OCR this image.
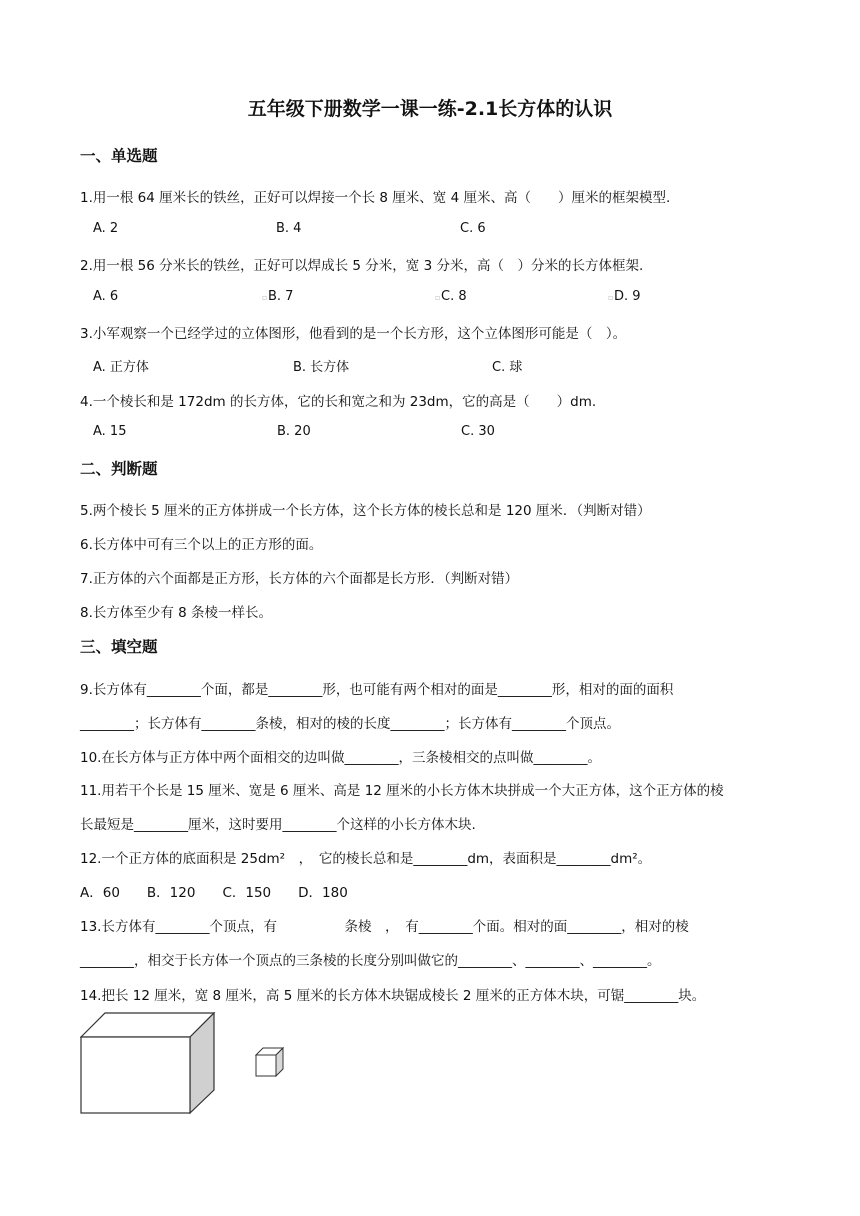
五年级下册数学一课一练-2.1长方体的认识
一、单选题
1.用一根 64 厘米长的铁丝，正好可以焊接一个长 8 厘米、宽 4 厘米、高（　　）厘米的框架模型.
A. 2	B. 4	C. 6
2.用一根 56 分米长的铁丝，正好可以焊成长 5 分米，宽 3 分米，高（　）分米的长方体框架.
A. 6	▫ B. 7	▫ C. 8	▫ D. 9
3.小军观察一个已经学过的立体图形，他看到的是一个长方形，这个立体图形可能是（　）。
A. 正方体	B. 长方体	C. 球
4.一个棱长和是 172dm 的长方体，它的长和宽之和为 23dm，它的高是（　　）dm.
A. 15	B. 20	C. 30
二、判断题
5.两个棱长 5 厘米的正方体拼成一个长方体，这个长方体的棱长总和是 120 厘米．（判断对错）
6.长方体中可有三个以上的正方形的面。
7.正方体的六个面都是正方形，长方体的六个面都是长方形．（判断对错）
8.长方体至少有 8 条棱一样长。
三、填空题
9.长方体有________个面，都是________形，也可能有两个相对的面是________形，相对的面的面积
________；长方体有________条棱，相对的棱的长度________；长方体有________个顶点。
10.在长方体与正方体中两个面相交的边叫做________，三条棱相交的点叫做________。
11.用若干个长是 15 厘米、宽是 6 厘米、高是 12 厘米的小长方体木块拼成一个大正方体，这个正方体的棱
长最短是________厘米，这时要用________个这样的小长方体木块.
12.一个正方体的底面积是 25dm²　，　它的棱长总和是________dm，表面积是________dm²。
A．60　　B．120　　C．150　　D．180
13.长方体有________个顶点，有　　　　　条棱　，　有________个面。相对的面________，相对的棱
________，相交于长方体一个顶点的三条棱的长度分别叫做它的________、________、________。
14.把长 12 厘米，宽 8 厘米，高 5 厘米的长方体木块锯成棱长 2 厘米的正方体木块，可锯________块。
